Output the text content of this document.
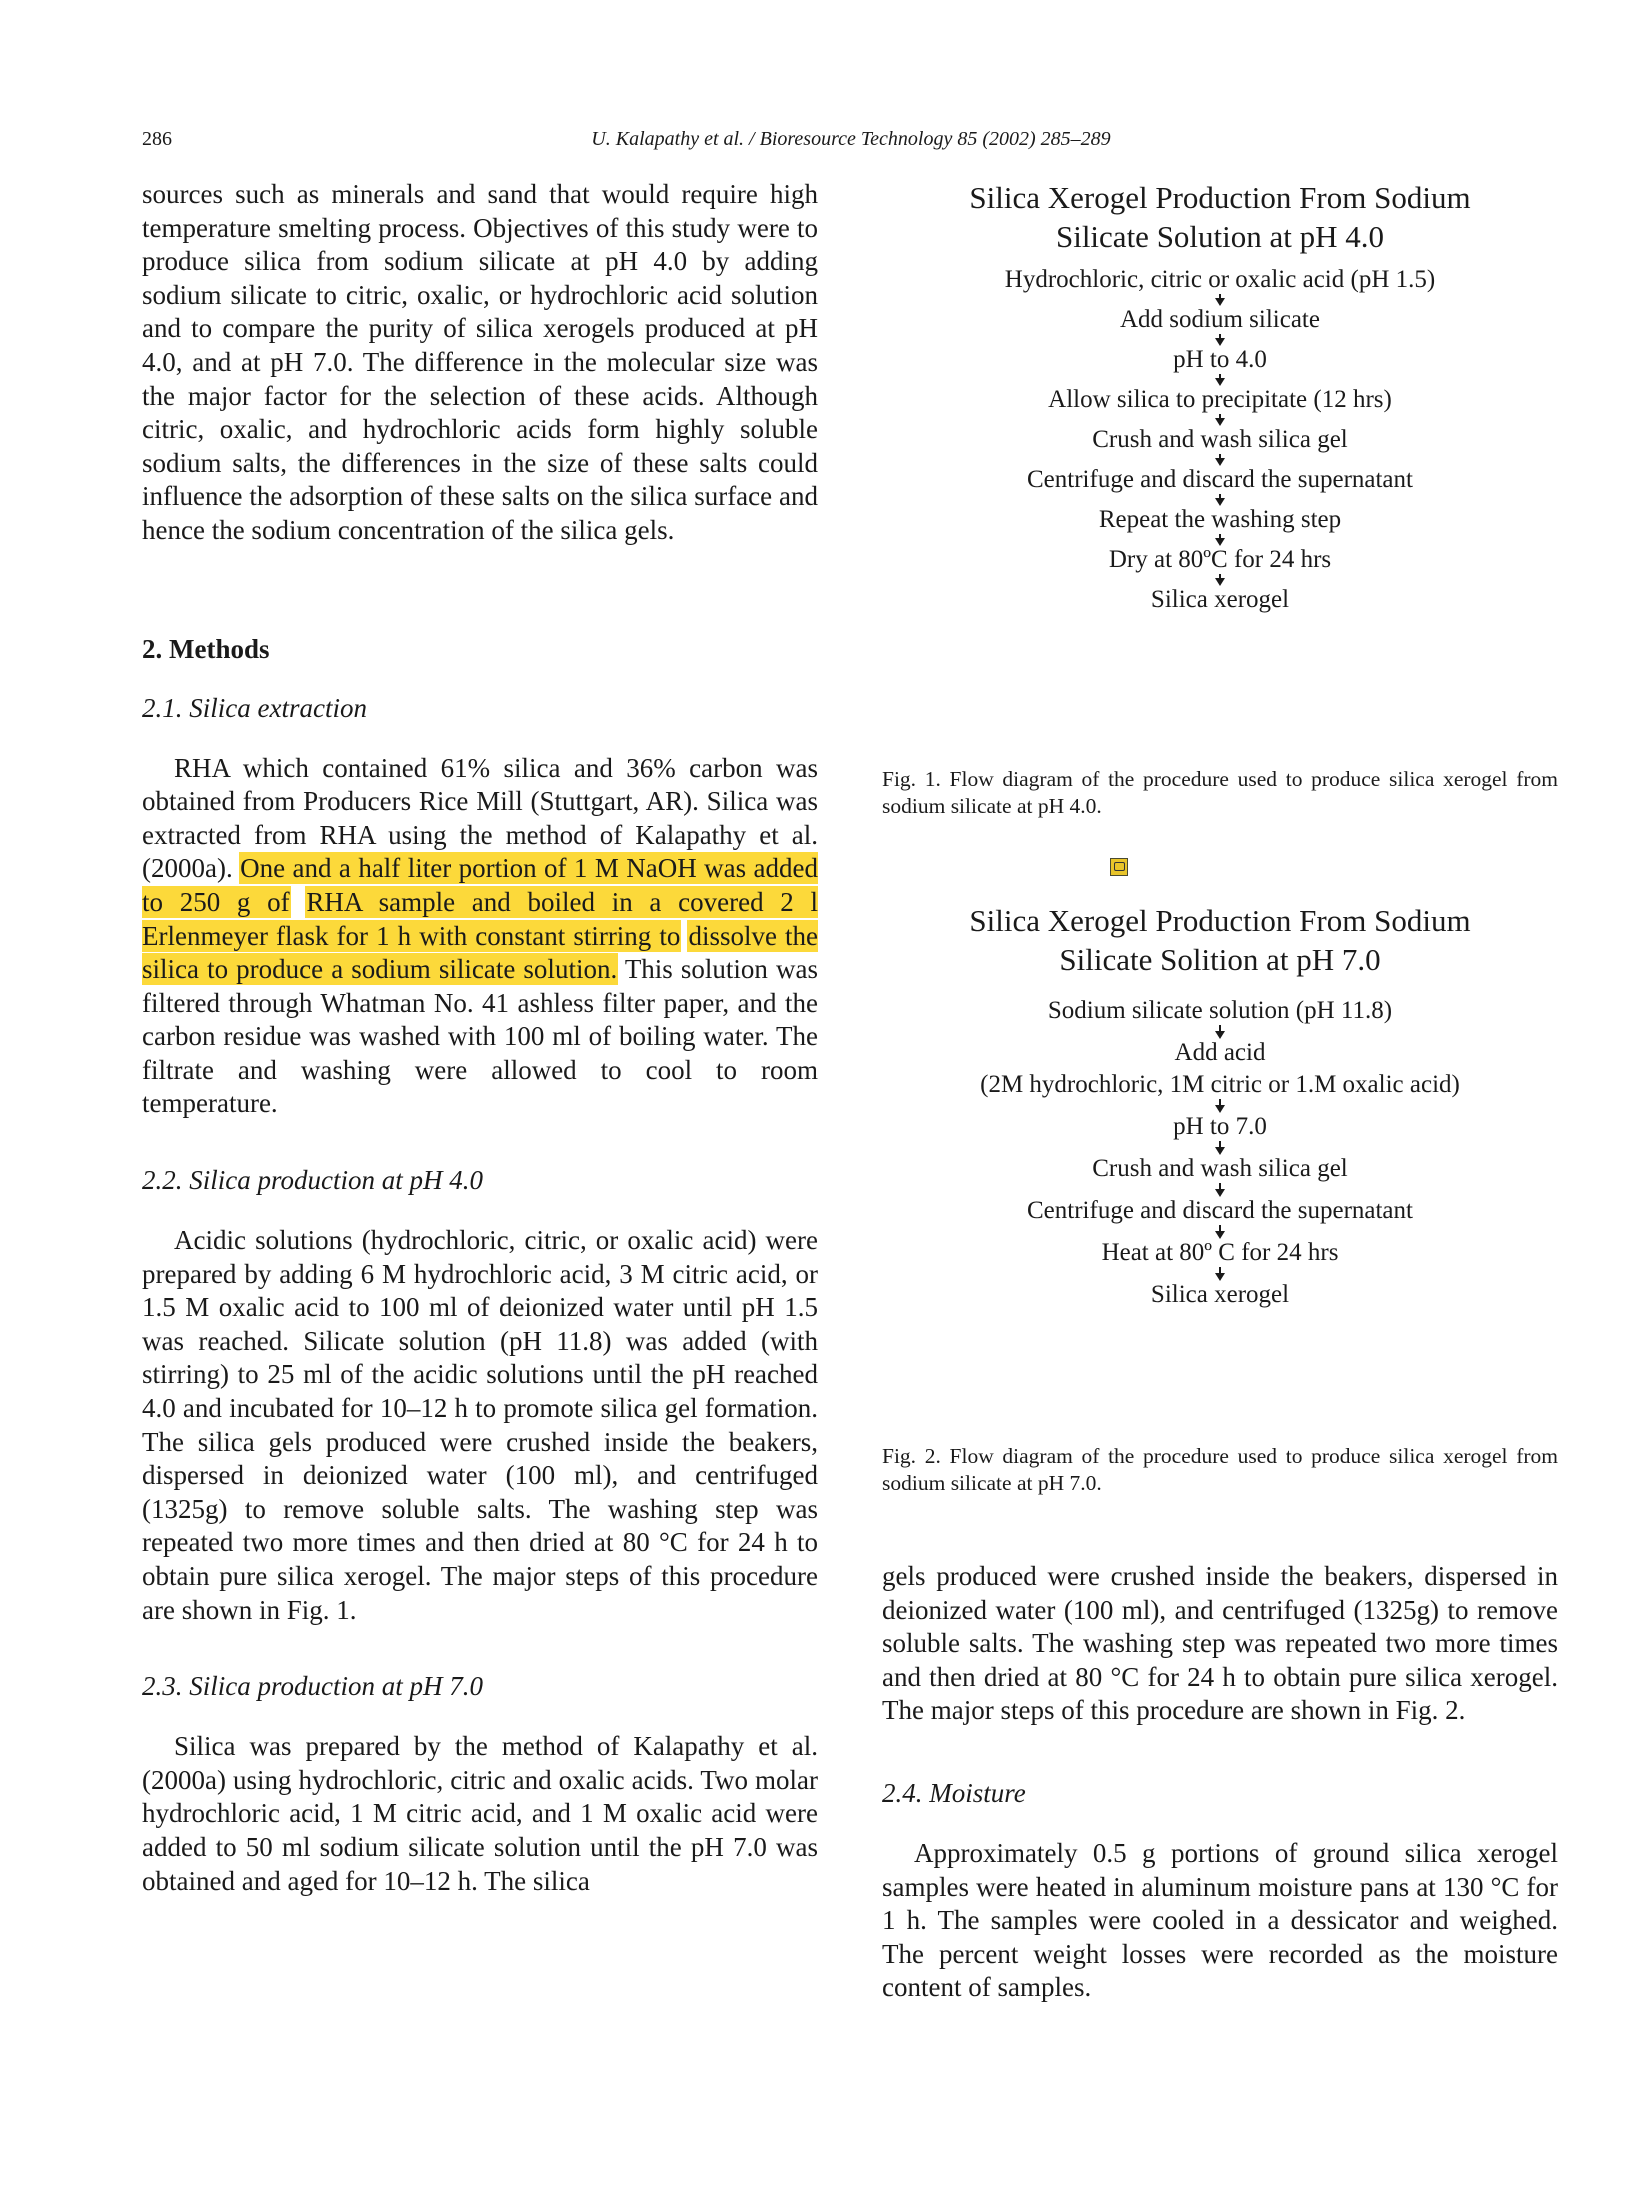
286	U. Kalapathy et al. / Bioresource Technology 85 (2002) 285–289

sources such as minerals and sand that would require high temperature smelting process. Objectives of this study were to produce silica from sodium silicate at pH 4.0 by adding sodium silicate to citric, oxalic, or hydrochloric acid solution and to compare the purity of silica xerogels produced at pH 4.0, and at pH 7.0. The difference in the molecular size was the major factor for the selection of these acids. Although citric, oxalic, and hydrochloric acids form highly soluble sodium salts, the differences in the size of these salts could influence the adsorption of these salts on the silica surface and hence the sodium concentration of the silica gels.

2. Methods

2.1. Silica extraction

RHA which contained 61% silica and 36% carbon was obtained from Producers Rice Mill (Stuttgart, AR). Silica was extracted from RHA using the method of Kalapathy et al. (2000a). One and a half liter portion of 1 M NaOH was added to 250 g of RHA sample and boiled in a covered 2 l Erlenmeyer flask for 1 h with constant stirring to dissolve the silica to produce a sodium silicate solution. This solution was filtered through Whatman No. 41 ashless filter paper, and the carbon residue was washed with 100 ml of boiling water. The filtrate and washing were allowed to cool to room temperature.

2.2. Silica production at pH 4.0

Acidic solutions (hydrochloric, citric, or oxalic acid) were prepared by adding 6 M hydrochloric acid, 3 M citric acid, or 1.5 M oxalic acid to 100 ml of deionized water until pH 1.5 was reached. Silicate solution (pH 11.8) was added (with stirring) to 25 ml of the acidic solutions until the pH reached 4.0 and incubated for 10–12 h to promote silica gel formation. The silica gels produced were crushed inside the beakers, dispersed in deionized water (100 ml), and centrifuged (1325g) to remove soluble salts. The washing step was repeated two more times and then dried at 80 °C for 24 h to obtain pure silica xerogel. The major steps of this procedure are shown in Fig. 1.

2.3. Silica production at pH 7.0

Silica was prepared by the method of Kalapathy et al. (2000a) using hydrochloric, citric and oxalic acids. Two molar hydrochloric acid, 1 M citric acid, and 1 M oxalic acid were added to 50 ml sodium silicate solution until the pH 7.0 was obtained and aged for 10–12 h. The silica

Silica Xerogel Production From Sodium

Silicate Solution at pH 4.0

Hydrochloric, citric or oxalic acid (pH 1.5)

Add sodium silicate

pH to 4.0

Allow silica to precipitate (12 hrs)

Crush and wash silica gel

Centrifuge and discard the supernatant

Repeat the washing step

Dry at 80ºC for 24 hrs

Silica xerogel

Fig. 1. Flow diagram of the procedure used to produce silica xerogel from sodium silicate at pH 4.0.

Silica Xerogel Production From Sodium

Silicate Solition at pH 7.0

Sodium silicate solution (pH 11.8)

Add acid

(2M hydrochloric, 1M citric or 1.M oxalic acid)

pH to 7.0

Crush and wash silica gel

Centrifuge and discard the supernatant

Heat at 80º C for 24 hrs

Silica xerogel

Fig. 2. Flow diagram of the procedure used to produce silica xerogel from sodium silicate at pH 7.0.

gels produced were crushed inside the beakers, dispersed in deionized water (100 ml), and centrifuged (1325g) to remove soluble salts. The washing step was repeated two more times and then dried at 80 °C for 24 h to obtain pure silica xerogel. The major steps of this procedure are shown in Fig. 2.

2.4. Moisture

Approximately 0.5 g portions of ground silica xerogel samples were heated in aluminum moisture pans at 130 °C for 1 h. The samples were cooled in a dessicator and weighed. The percent weight losses were recorded as the moisture content of samples.
